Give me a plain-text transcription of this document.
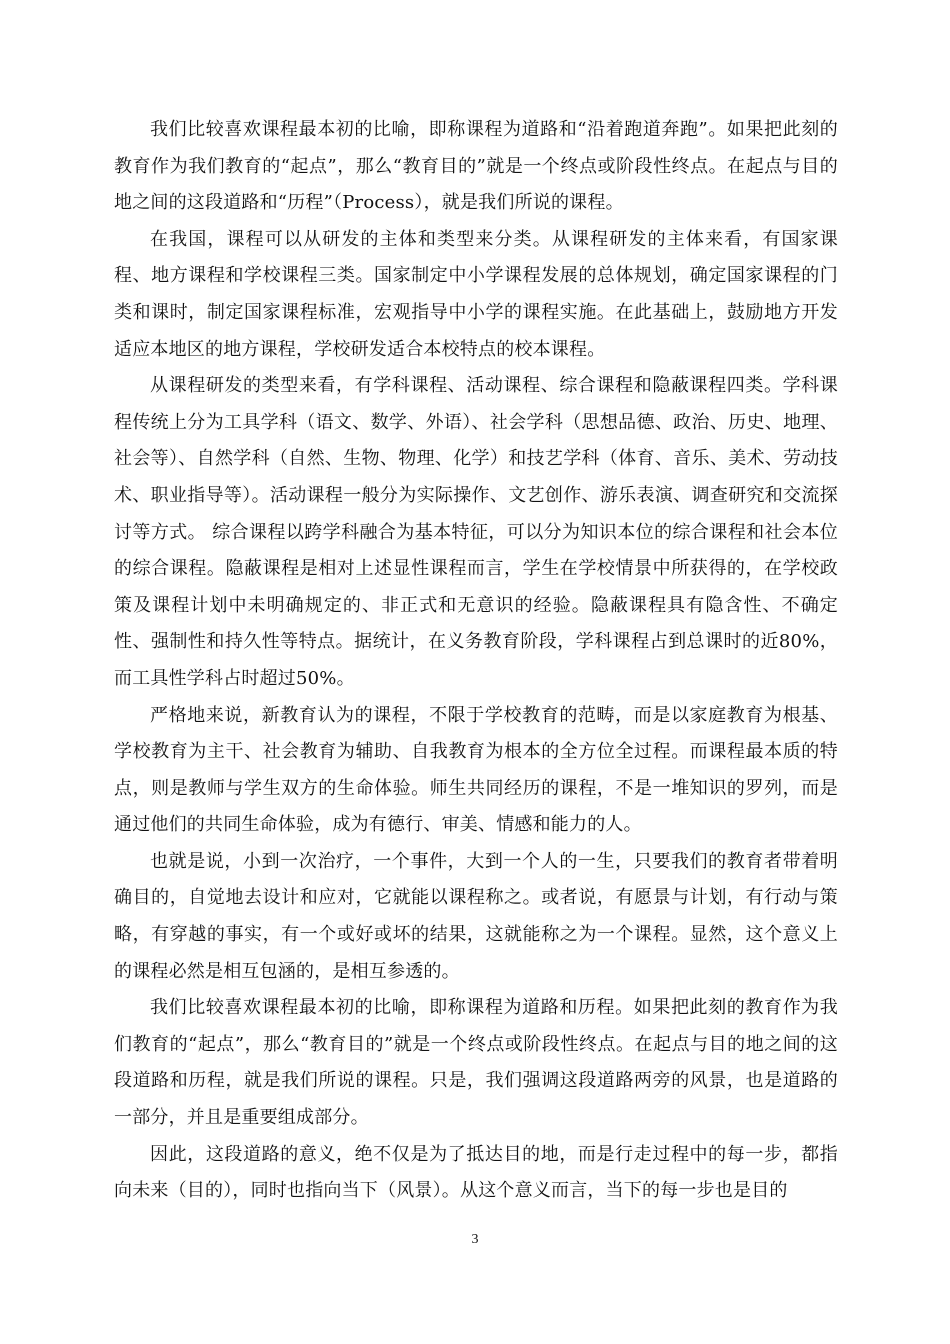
我们比较喜欢课程最本初的比喻，即称课程为道路和“沿着跑道奔跑”。如果把此刻的教育作为我们教育的“起点”，那么“教育目的”就是一个终点或阶段性终点。在起点与目的地之间的这段道路和“历程”（Process），就是我们所说的课程。

在我国，课程可以从研发的主体和类型来分类。从课程研发的主体来看，有国家课程、地方课程和学校课程三类。国家制定中小学课程发展的总体规划，确定国家课程的门类和课时，制定国家课程标准，宏观指导中小学的课程实施。在此基础上，鼓励地方开发适应本地区的地方课程，学校研发适合本校特点的校本课程。

从课程研发的类型来看，有学科课程、活动课程、综合课程和隐蔽课程四类。学科课程传统上分为工具学科（语文、数学、外语）、社会学科（思想品德、政治、历史、地理、社会等）、自然学科（自然、生物、物理、化学）和技艺学科（体育、音乐、美术、劳动技术、职业指导等）。活动课程一般分为实际操作、文艺创作、游乐表演、调查研究和交流探讨等方式。 综合课程以跨学科融合为基本特征，可以分为知识本位的综合课程和社会本位的综合课程。隐蔽课程是相对上述显性课程而言，学生在学校情景中所获得的，在学校政策及课程计划中未明确规定的、非正式和无意识的经验。隐蔽课程具有隐含性、不确定性、强制性和持久性等特点。据统计，在义务教育阶段，学科课程占到总课时的近80%，而工具性学科占时超过50%。

严格地来说，新教育认为的课程，不限于学校教育的范畴，而是以家庭教育为根基、学校教育为主干、社会教育为辅助、自我教育为根本的全方位全过程。而课程最本质的特点，则是教师与学生双方的生命体验。师生共同经历的课程，不是一堆知识的罗列，而是通过他们的共同生命体验，成为有德行、审美、情感和能力的人。

也就是说，小到一次治疗，一个事件，大到一个人的一生，只要我们的教育者带着明确目的，自觉地去设计和应对，它就能以课程称之。或者说，有愿景与计划，有行动与策略，有穿越的事实，有一个或好或坏的结果，这就能称之为一个课程。显然，这个意义上的课程必然是相互包涵的，是相互参透的。

我们比较喜欢课程最本初的比喻，即称课程为道路和历程。如果把此刻的教育作为我们教育的“起点”，那么“教育目的”就是一个终点或阶段性终点。在起点与目的地之间的这段道路和历程，就是我们所说的课程。只是，我们强调这段道路两旁的风景，也是道路的一部分，并且是重要组成部分。

因此，这段道路的意义，绝不仅是为了抵达目的地，而是行走过程中的每一步，都指向未来（目的），同时也指向当下（风景）。从这个意义而言，当下的每一步也是目的

3
